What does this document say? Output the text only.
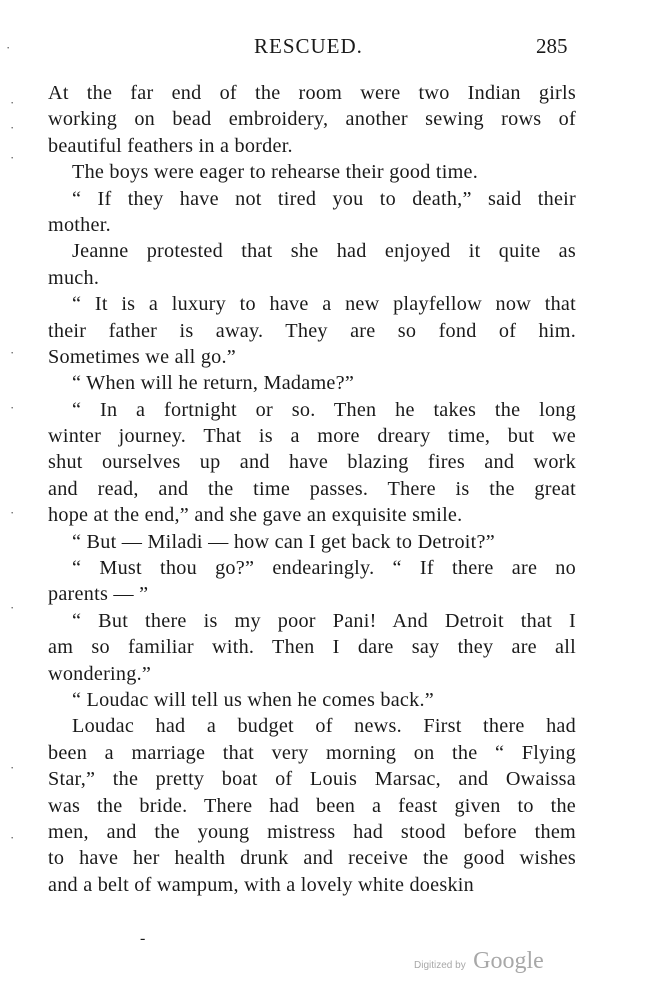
RESCUED.	285
·
·
·
·
·
·
·
·
·
·
At the far end of the room were two Indian girls
working on bead embroidery, another sewing rows of
beautiful feathers in a border.
The boys were eager to rehearse their good time.
“ If they have not tired you to death,” said their
mother.
Jeanne protested that she had enjoyed it quite as
much.
“ It is a luxury to have a new playfellow now that
their father is away. They are so fond of him.
Sometimes we all go.”
“ When will he return, Madame?”
“ In a fortnight or so. Then he takes the long
winter journey. That is a more dreary time, but we
shut ourselves up and have blazing fires and work
and read, and the time passes. There is the great
hope at the end,” and she gave an exquisite smile.
“ But — Miladi — how can I get back to Detroit?”
“ Must thou go?” endearingly. “ If there are no
parents — ”
“ But there is my poor Pani! And Detroit that I
am so familiar with. Then I dare say they are all
wondering.”
“ Loudac will tell us when he comes back.”
Loudac had a budget of news. First there had
been a marriage that very morning on the “ Flying
Star,” the pretty boat of Louis Marsac, and Owaissa
was the bride. There had been a feast given to the
men, and the young mistress had stood before them
to have her health drunk and receive the good wishes
and a belt of wampum, with a lovely white doeskin
-
Digitized by Google
